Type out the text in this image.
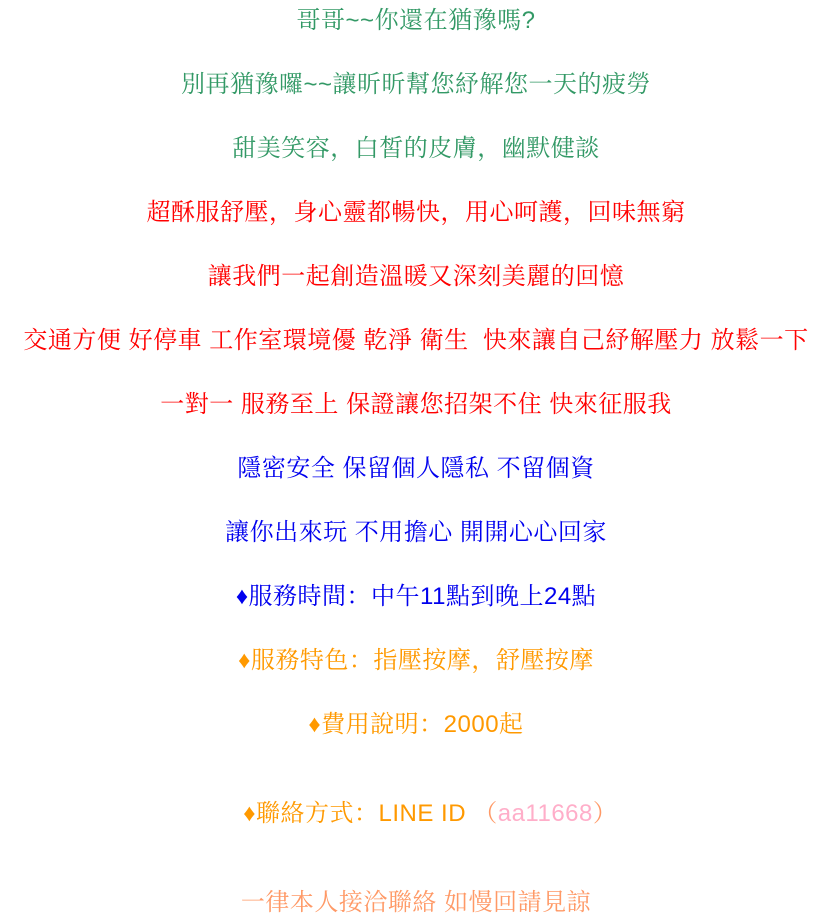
哥哥~~你還在猶豫嗎?

別再猶豫囉~~讓昕昕幫您紓解您一天的疲勞

甜美笑容，白皙的皮膚，幽默健談

超酥服舒壓，身心靈都暢快，用心呵護，回味無窮

讓我們一起創造溫暖又深刻美麗的回憶

交通方便 好停車 工作室環境優 乾淨 衛生  快來讓自己紓解壓力 放鬆一下

一對一 服務至上 保證讓您招架不住 快來征服我

隱密安全 保留個人隱私 不留個資

讓你出來玩 不用擔心 開開心心回家

♦服務時間：中午11點到晚上24點

♦服務特色：指壓按摩，舒壓按摩

♦費用說明：2000起

♦聯絡方式：LINE ID （aa11668）

一律本人接洽聯絡 如慢回請見諒
